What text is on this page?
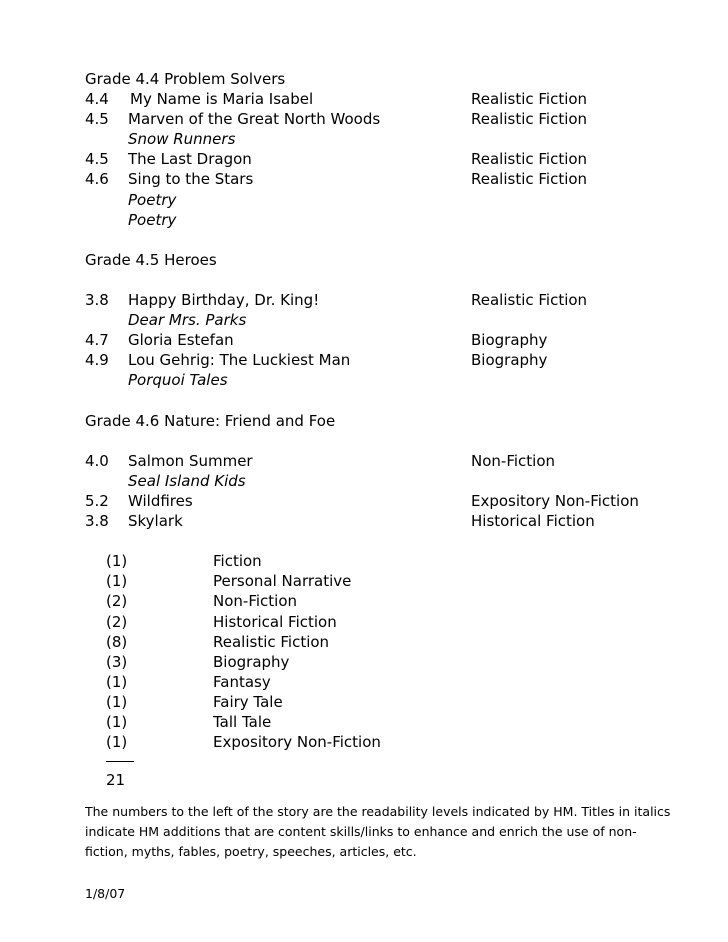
Grade 4.4 Problem Solvers
4.4 My Name is Maria Isabel	Realistic Fiction
4.5 Marven of the Great North Woods	Realistic Fiction
Snow Runners
4.5 The Last Dragon	Realistic Fiction
4.6 Sing to the Stars	Realistic Fiction
Poetry
Poetry
Grade 4.5 Heroes
3.8 Happy Birthday, Dr. King!	Realistic Fiction
Dear Mrs. Parks
4.7 Gloria Estefan	Biography
4.9 Lou Gehrig: The Luckiest Man	Biography
Porquoi Tales
Grade 4.6 Nature: Friend and Foe
4.0 Salmon Summer	Non-Fiction
Seal Island Kids
5.2 Wildfires	Expository Non-Fiction
3.8 Skylark	Historical Fiction
(1)	Fiction
(1)	Personal Narrative
(2)	Non-Fiction
(2)	Historical Fiction
(8)	Realistic Fiction
(3)	Biography
(1)	Fantasy
(1)	Fairy Tale
(1)	Tall Tale
(1)	Expository Non-Fiction
21
The numbers to the left of the story are the readability levels indicated by HM. Titles in italics indicate HM additions that are content skills/links to enhance and enrich the use of non-fiction, myths, fables, poetry, speeches, articles, etc.
1/8/07
